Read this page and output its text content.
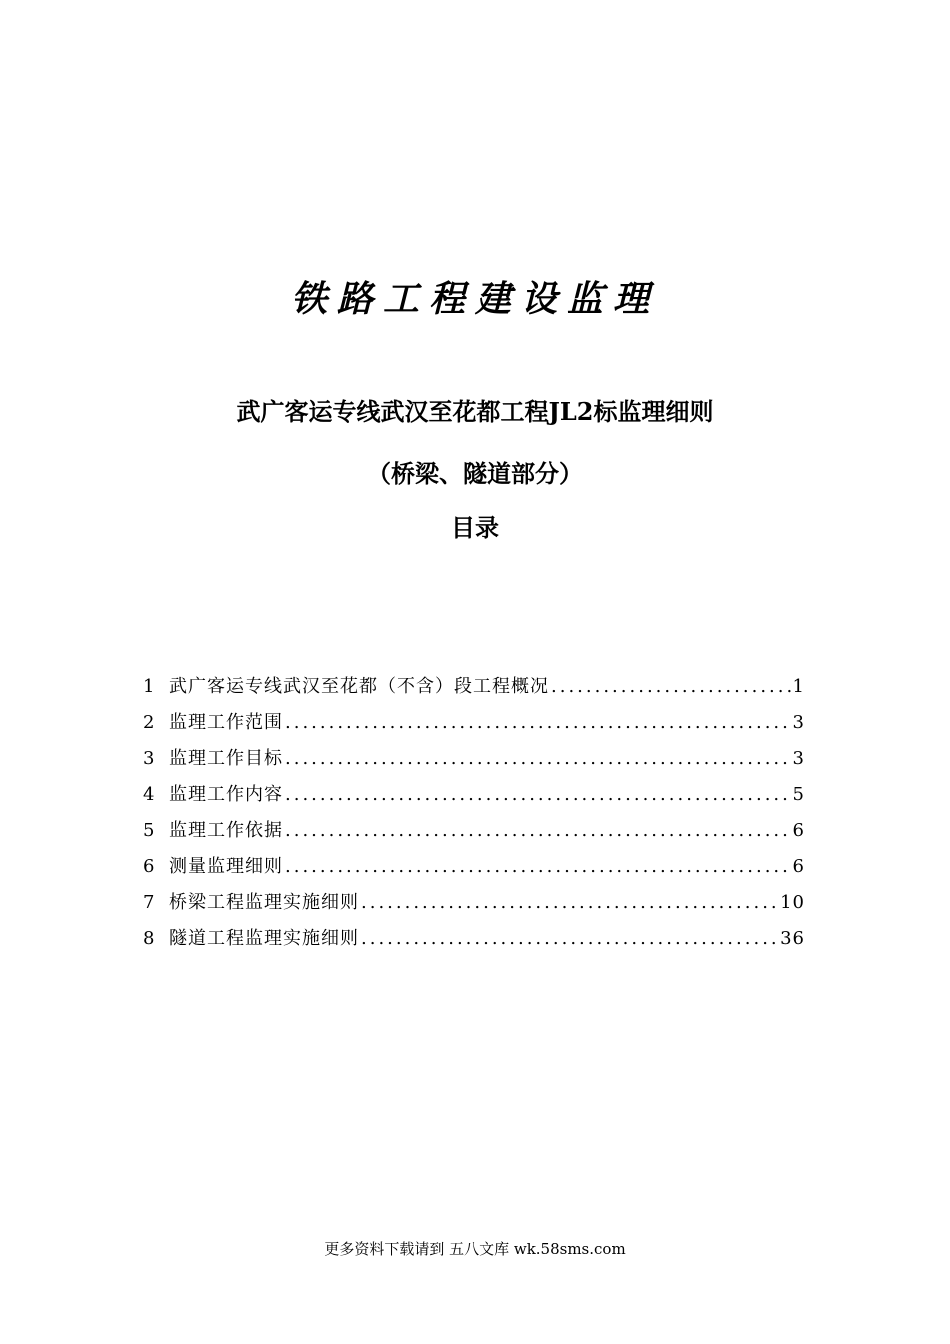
铁路工程建设监理
武广客运专线武汉至花都工程JL2标监理细则
（桥梁、隧道部分）
目录
1 武广客运专线武汉至花都（不含）段工程概况 .....	1
2 监理工作范围 .....	3
3 监理工作目标 .....	3
4 监理工作内容 .....	5
5 监理工作依据 .....	6
6 测量监理细则 .....	6
7 桥梁工程监理实施细则 .....	10
8 隧道工程监理实施细则 .....	36
更多资料下载请到 五八文库 wk.58sms.com
